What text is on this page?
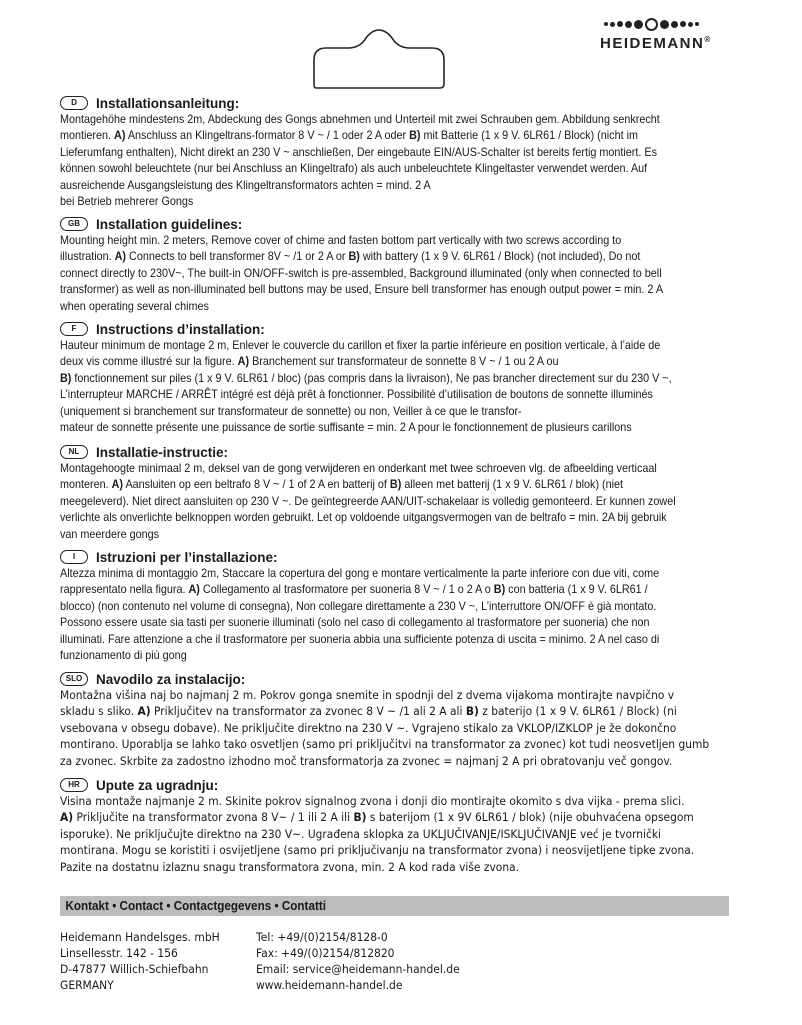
HEIDEMANN®
D	Installationsanleitung:
Montagehöhe mindestens 2m, Abdeckung des Gongs abnehmen und Unterteil mit zwei Schrauben gem. Abbildung senkrecht
montieren. A) Anschluss an Klingeltrans-formator 8 V ~ / 1 oder 2 A oder B) mit Batterie (1 x 9 V. 6LR61 / Block) (nicht im
Lieferumfang enthalten), Nicht direkt an 230 V ~ anschließen, Der eingebaute EIN/AUS-Schalter ist bereits fertig montiert. Es
können sowohl beleuchtete (nur bei Anschluss an Klingeltrafo) als auch unbeleuchtete Klingeltaster verwendet werden. Auf
ausreichende Ausgangsleistung des Klingeltransformators achten = mind. 2 A
bei Betrieb mehrerer Gongs
GB	Installation guidelines:
Mounting height min. 2 meters, Remove cover of chime and fasten bottom part vertically with two screws according to
illustration. A) Connects to bell transformer 8V ~ /1 or 2 A or B) with battery (1 x 9 V. 6LR61 / Block) (not included), Do not
connect directly to 230V~, The built-in ON/OFF-switch is pre-assembled, Background illuminated (only when connected to bell
transformer) as well as non-illuminated bell buttons may be used, Ensure bell transformer has enough output power = min. 2 A
when operating several chimes
F	Instructions d’installation:
Hauteur minimum de montage 2 m, Enlever le couvercle du carillon et fixer la partie inférieure en position verticale, à l’aide de
deux vis comme illustré sur la figure. A) Branchement sur transformateur de sonnette 8 V ~ / 1 ou 2 A ou
B) fonctionnement sur piles (1 x 9 V. 6LR61 / bloc) (pas compris dans la livraison), Ne pas brancher directement sur du 230 V ~,
L’interrupteur MARCHE / ARRÊT intégré est déjà prêt à fonctionner. Possibilité d’utilisation de boutons de sonnette illuminés
(uniquement si branchement sur transformateur de sonnette) ou non, Veiller à ce que le transfor-
mateur de sonnette présente une puissance de sortie suffisante = min. 2 A pour le fonctionnement de plusieurs carillons
NL	Installatie-instructie:
Montagehoogte minimaal 2 m, deksel van de gong verwijderen en onderkant met twee schroeven vlg. de afbeelding verticaal
monteren. A) Aansluiten op een beltrafo 8 V ~ / 1 of 2 A en batterij of B) alleen met batterij (1 x 9 V. 6LR61 / blok) (niet
meegeleverd). Niet direct aansluiten op 230 V ~. De geïntegreerde AAN/UIT-schakelaar is volledig gemonteerd. Er kunnen zowel
verlichte als onverlichte belknoppen worden gebruikt. Let op voldoende uitgangsvermogen van de beltrafo = min. 2A bij gebruik
van meerdere gongs
I	Istruzioni per l’installazione:
Altezza minima di montaggio 2m, Staccare la copertura del gong e montare verticalmente la parte inferiore con due viti, come
rappresentato nella figura. A) Collegamento al trasformatore per suoneria 8 V ~ / 1 o 2 A o B) con batteria (1 x 9 V. 6LR61 /
blocco) (non contenuto nel volume di consegna), Non collegare direttamente a 230 V ~, L’interruttore ON/OFF è già montato.
Possono essere usate sia tasti per suonerie illuminati (solo nel caso di collegamento al trasformatore per suoneria) che non
illuminati. Fare attenzione a che il trasformatore per suoneria abbia una sufficiente potenza di uscita = minimo. 2 A nel caso di
funzionamento di più gong
SLO	Navodilo za instalacijo:
Montažna višina naj bo najmanj 2 m. Pokrov gonga snemite in spodnji del z dvema vijakoma montirajte navpično v
skladu s sliko. A) Priključitev na transformator za zvonec 8 V ~ /1 ali 2 A ali B) z baterijo (1 x 9 V. 6LR61 / Block) (ni
vsebovana v obsegu dobave). Ne priključite direktno na 230 V ~. Vgrajeno stikalo za VKLOP/IZKLOP je že dokončno
montirano. Uporablja se lahko tako osvetljen (samo pri priključitvi na transformator za zvonec) kot tudi neosvetljen gumb
za zvonec. Skrbite za zadostno izhodno moč transformatorja za zvonec = najmanj 2 A pri obratovanju več gongov.
HR	Upute za ugradnju:
Visina montaže najmanje 2 m. Skinite pokrov signalnog zvona i donji dio montirajte okomito s dva vijka - prema slici.
A) Priključite na transformator zvona 8 V~ / 1 ili 2 A ili B) s baterijom (1 x 9V 6LR61 / blok) (nije obuhvaćena opsegom
isporuke). Ne priključujte direktno na 230 V~. Ugrađena sklopka za UKLJUČIVANJE/ISKLJUČIVANJE već je tvornički
montirana. Mogu se koristiti i osvijetljene (samo pri priključivanju na transformator zvona) i neosvijetljene tipke zvona.
Pazite na dostatnu izlaznu snagu transformatora zvona, min. 2 A kod rada više zvona.
Kontakt • Contact • Contactgegevens • Contatti
Heidemann Handelsges. mbH
Linsellesstr. 142 - 156
D-47877 Willich-Schiefbahn
GERMANY
Tel: +49/(0)2154/8128-0
Fax: +49/(0)2154/812820
Email: service@heidemann-handel.de
www.heidemann-handel.de
